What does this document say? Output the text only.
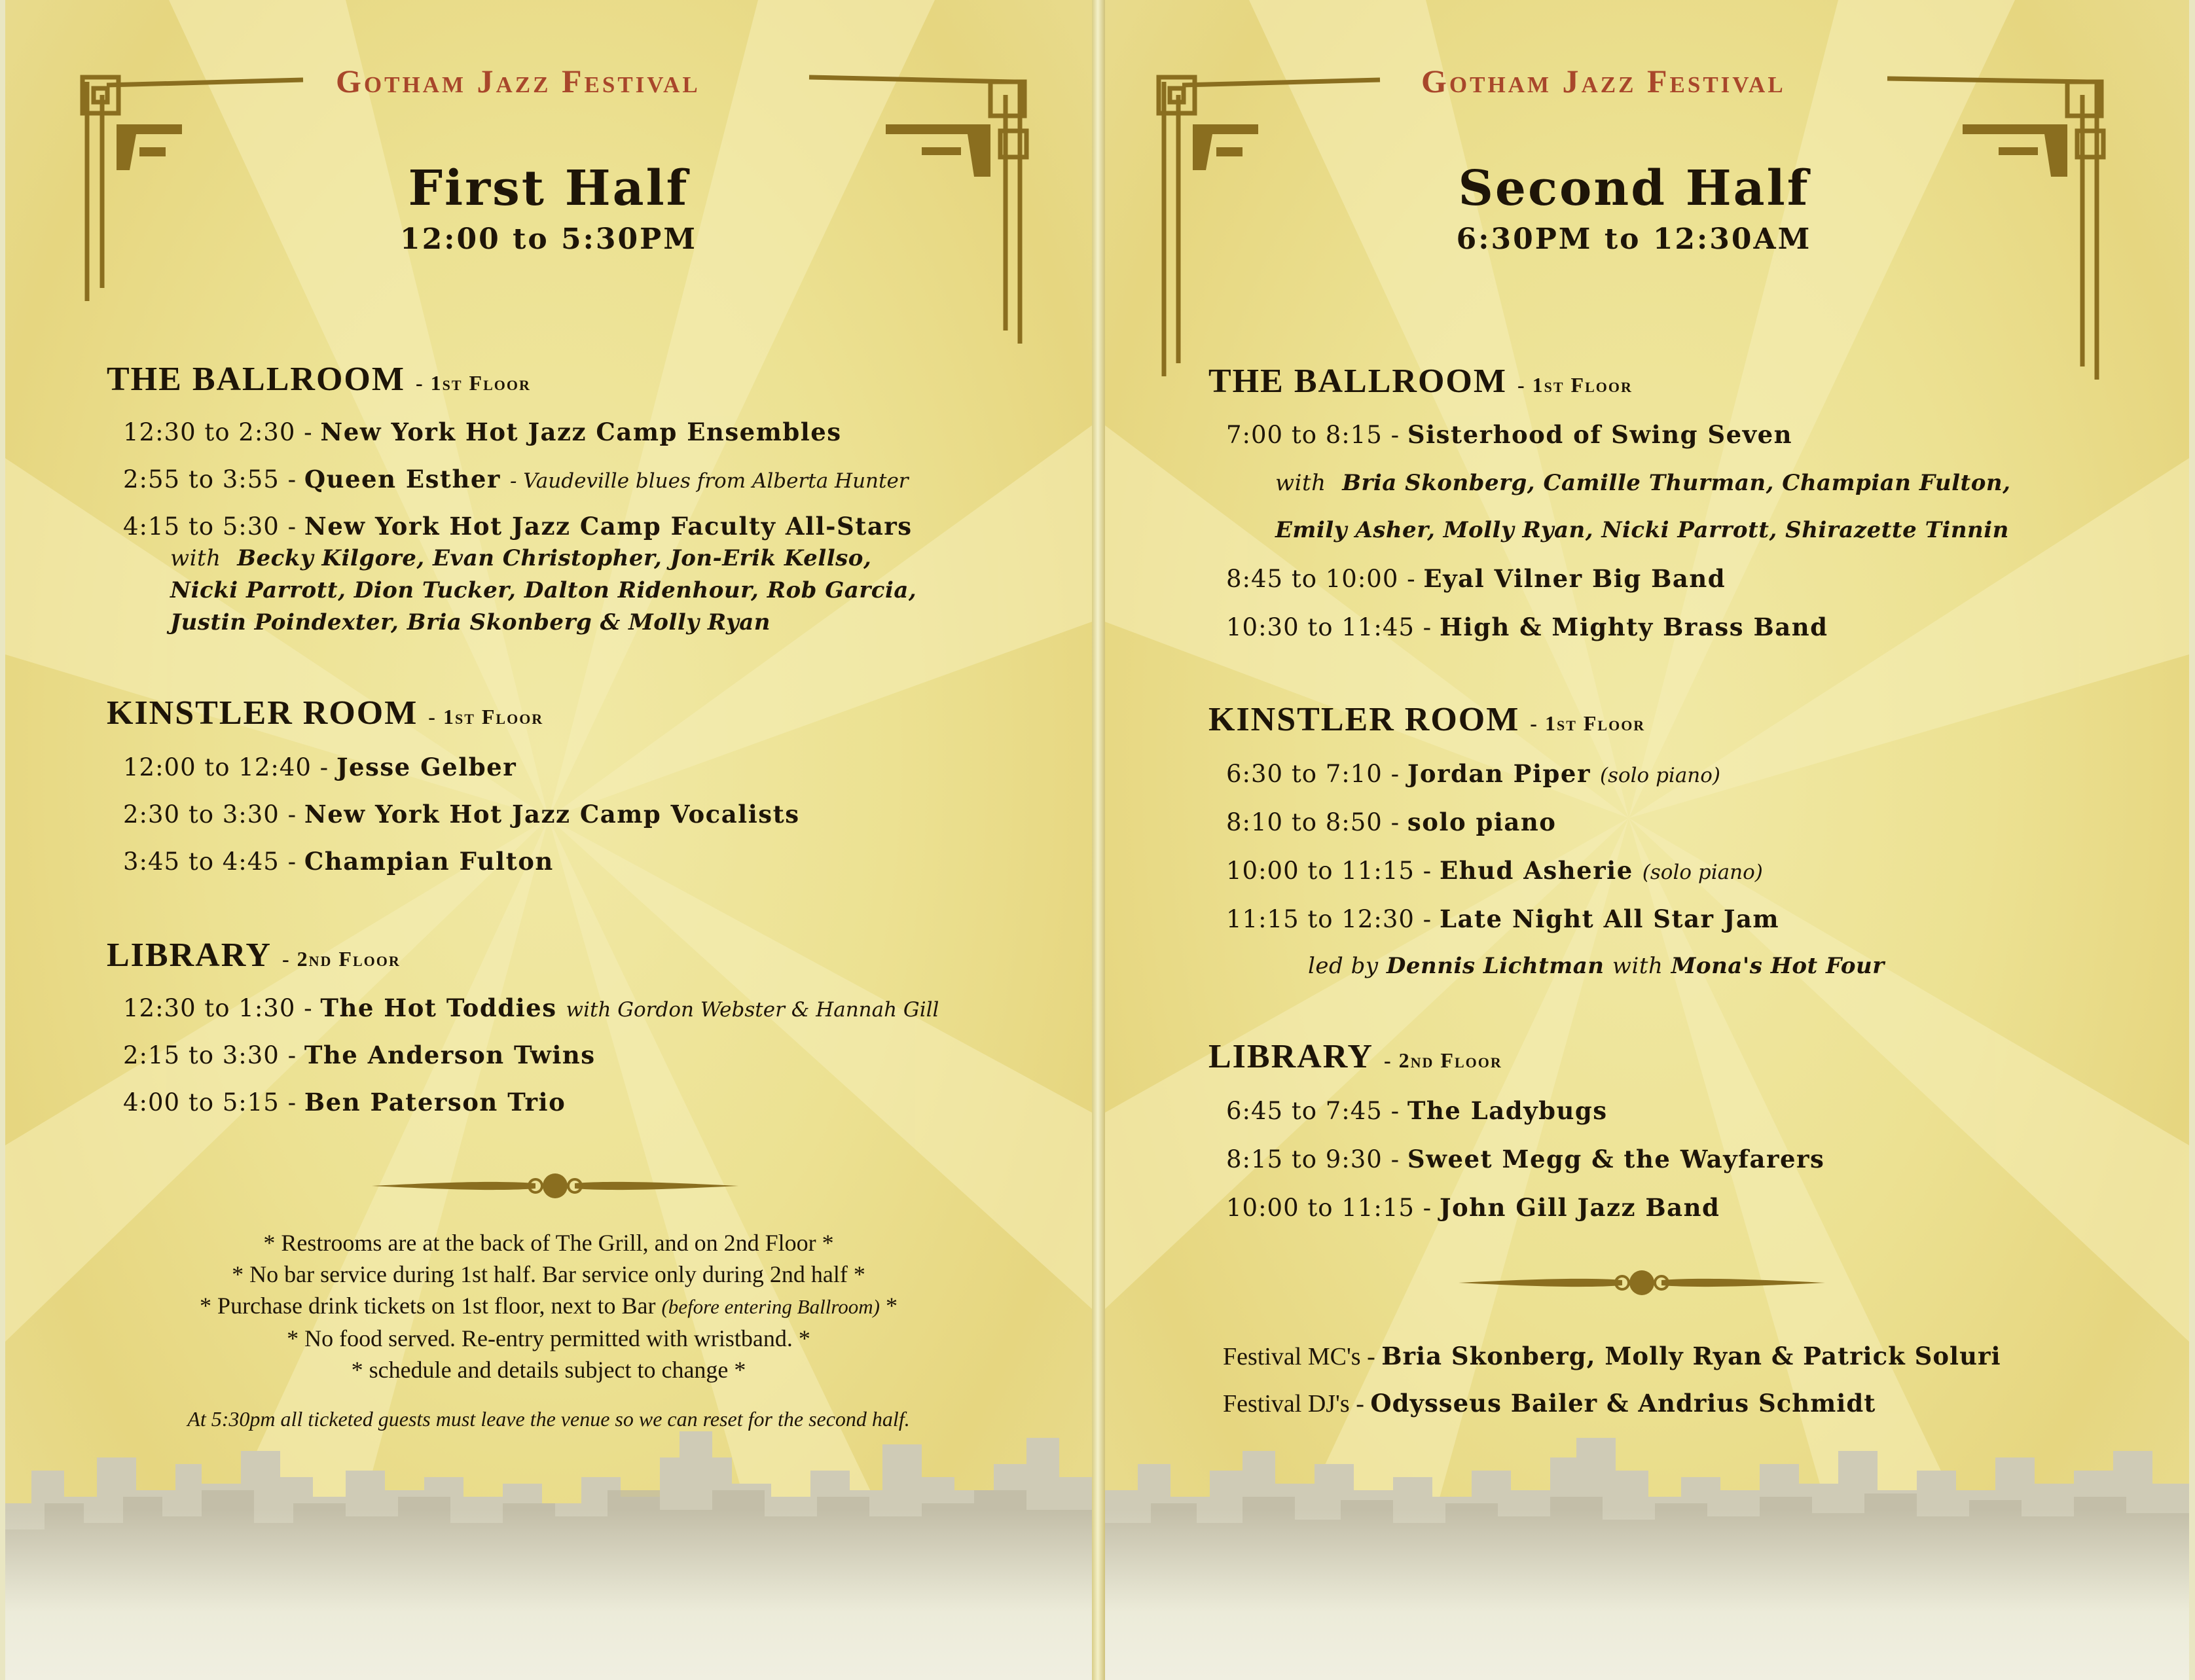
Gotham Jazz Festival
First Half
12:00 to 5:30PM
THE BALLROOM - 1st Floor
12:30 to 2:30 - New York Hot Jazz Camp Ensembles
2:55 to 3:55 - Queen Esther - Vaudeville blues from Alberta Hunter
4:15 to 5:30 - New York Hot Jazz Camp Faculty All-Stars
with Becky Kilgore, Evan Christopher, Jon-Erik Kellso,
Nicki Parrott, Dion Tucker, Dalton Ridenhour, Rob Garcia,
Justin Poindexter, Bria Skonberg & Molly Ryan
KINSTLER ROOM - 1st Floor
12:00 to 12:40 - Jesse Gelber
2:30 to 3:30 - New York Hot Jazz Camp Vocalists
3:45 to 4:45 - Champian Fulton
LIBRARY - 2nd Floor
12:30 to 1:30 - The Hot Toddies with Gordon Webster & Hannah Gill
2:15 to 3:30 - The Anderson Twins
4:00 to 5:15 - Ben Paterson Trio
* Restrooms are at the back of The Grill, and on 2nd Floor *
* No bar service during 1st half. Bar service only during 2nd half *
* Purchase drink tickets on 1st floor, next to Bar (before entering Ballroom) *
* No food served. Re-entry permitted with wristband. *
* schedule and details subject to change *
At 5:30pm all ticketed guests must leave the venue so we can reset for the second half.
Gotham Jazz Festival
Second Half
6:30PM to 12:30AM
THE BALLROOM - 1st Floor
7:00 to 8:15 - Sisterhood of Swing Seven
with Bria Skonberg, Camille Thurman, Champian Fulton,
Emily Asher, Molly Ryan, Nicki Parrott, Shirazette Tinnin
8:45 to 10:00 - Eyal Vilner Big Band
10:30 to 11:45 - High & Mighty Brass Band
KINSTLER ROOM - 1st Floor
6:30 to 7:10 - Jordan Piper (solo piano)
8:10 to 8:50 - solo piano
10:00 to 11:15 - Ehud Asherie (solo piano)
11:15 to 12:30 - Late Night All Star Jam
led by Dennis Lichtman with Mona's Hot Four
LIBRARY - 2nd Floor
6:45 to 7:45 - The Ladybugs
8:15 to 9:30 - Sweet Megg & the Wayfarers
10:00 to 11:15 - John Gill Jazz Band
Festival MC's - Bria Skonberg, Molly Ryan & Patrick Soluri
Festival DJ's - Odysseus Bailer & Andrius Schmidt
